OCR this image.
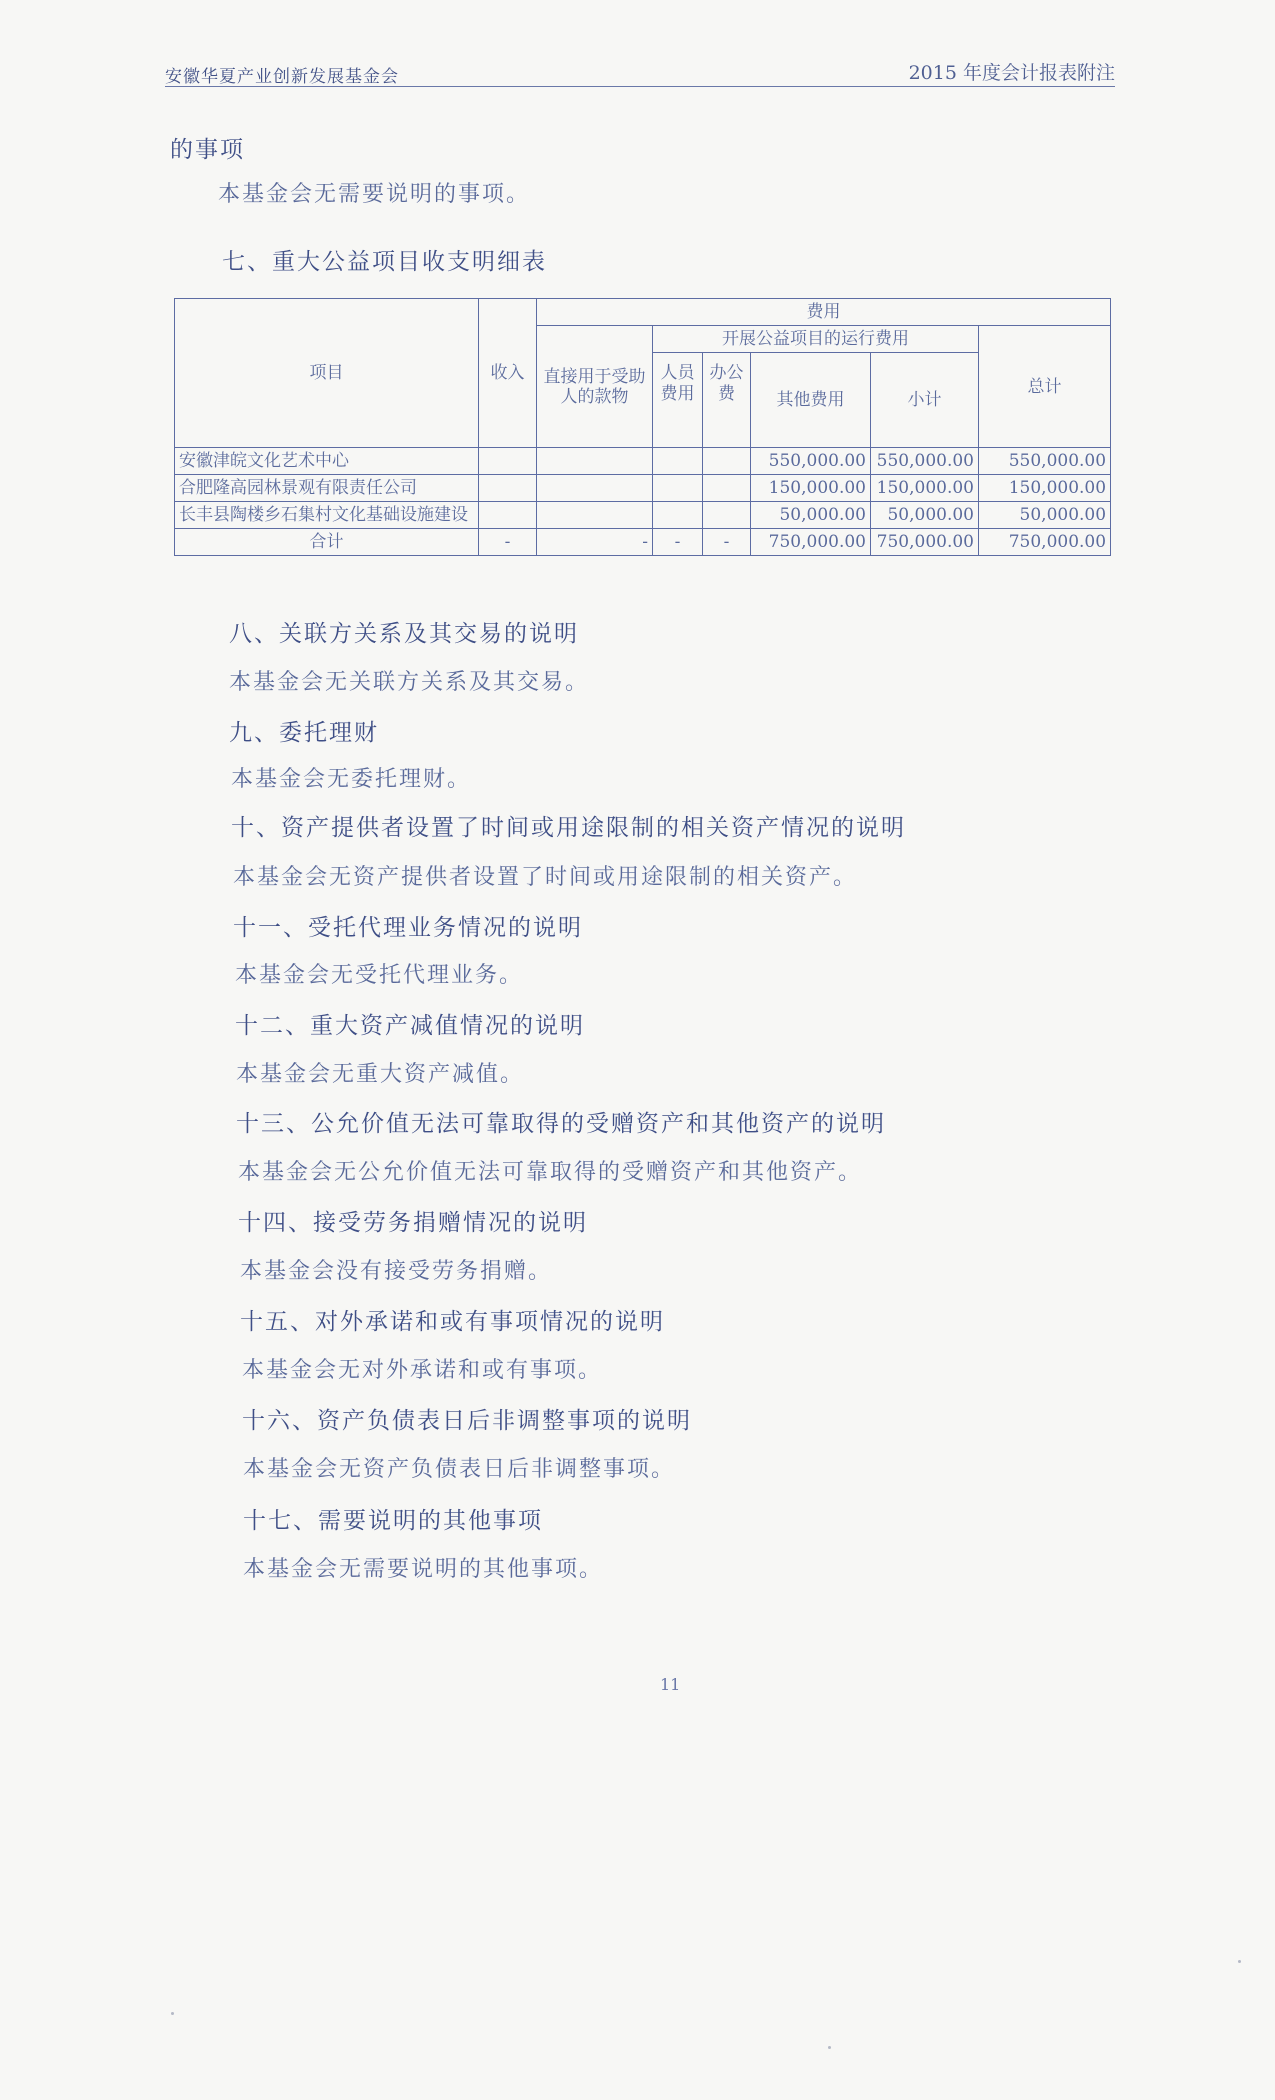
安徽华夏产业创新发展基金会	2015 年度会计报表附注
的事项
本基金会无需要说明的事项。
七、重大公益项目收支明细表
项目	收入	费用					
		直接用于受助人的款物	开展公益项目的运行费用				总计
			人员费用	办公费	其他费用	小计	

安徽津皖文化艺术中心					550,000.00	550,000.00	550,000.00
合肥隆高园林景观有限责任公司					150,000.00	150,000.00	150,000.00
长丰县陶楼乡石集村文化基础设施建设					50,000.00	50,000.00	50,000.00
合计	-	-	-	-	750,000.00	750,000.00	750,000.00
八、关联方关系及其交易的说明
本基金会无关联方关系及其交易。
九、委托理财
本基金会无委托理财。
十、资产提供者设置了时间或用途限制的相关资产情况的说明
本基金会无资产提供者设置了时间或用途限制的相关资产。
十一、受托代理业务情况的说明
本基金会无受托代理业务。
十二、重大资产减值情况的说明
本基金会无重大资产减值。
十三、公允价值无法可靠取得的受赠资产和其他资产的说明
本基金会无公允价值无法可靠取得的受赠资产和其他资产。
十四、接受劳务捐赠情况的说明
本基金会没有接受劳务捐赠。
十五、对外承诺和或有事项情况的说明
本基金会无对外承诺和或有事项。
十六、资产负债表日后非调整事项的说明
本基金会无资产负债表日后非调整事项。
十七、需要说明的其他事项
本基金会无需要说明的其他事项。
11
